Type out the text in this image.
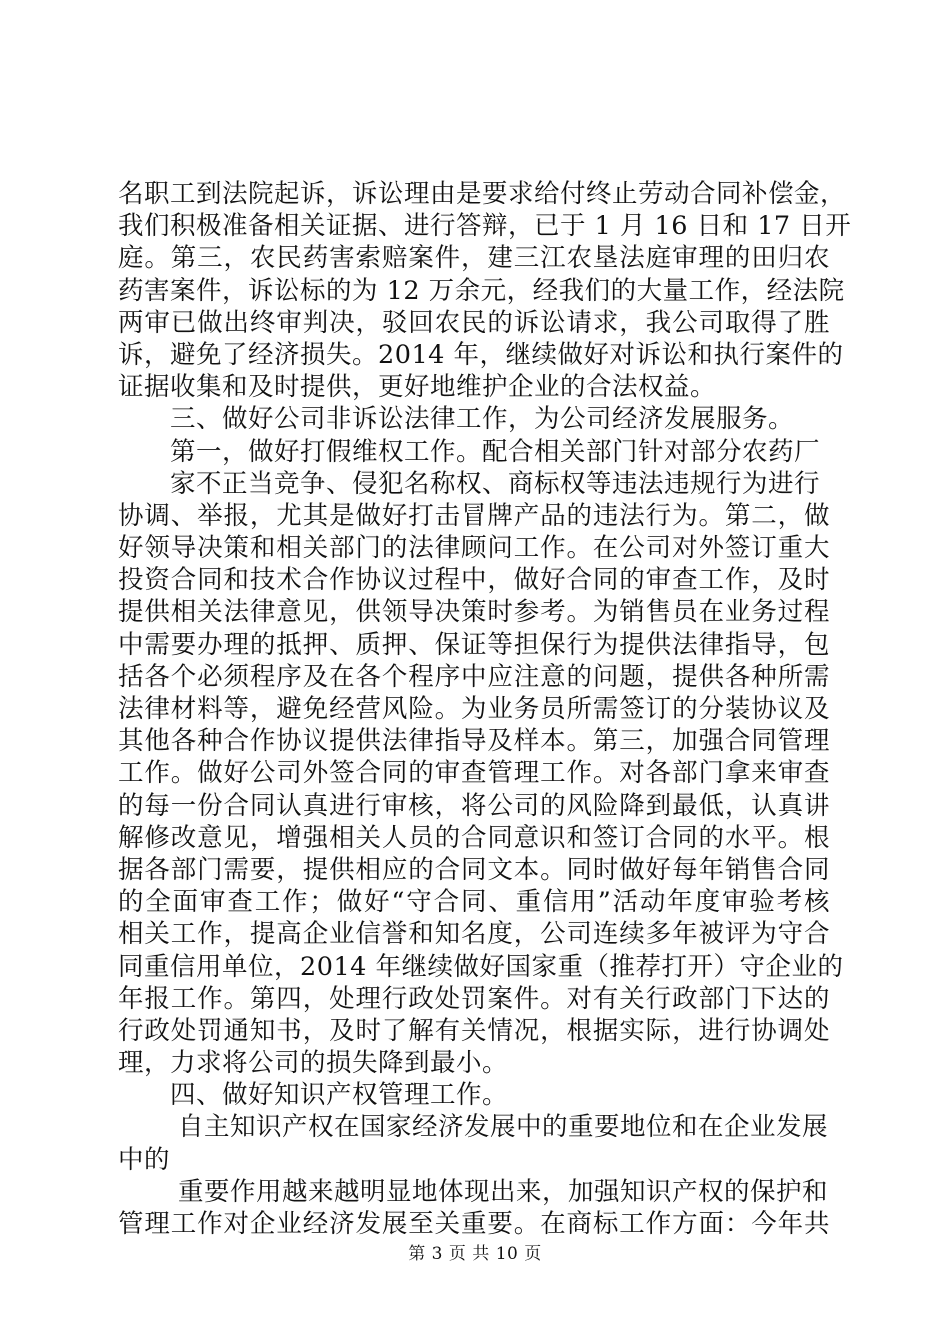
名职工到法院起诉，诉讼理由是要求给付终止劳动合同补偿金，
我们积极准备相关证据、进行答辩，已于 1 月 16 日和 17 日开
庭。第三，农民药害索赔案件，建三江农垦法庭审理的田归农
药害案件，诉讼标的为 12 万余元，经我们的大量工作，经法院
两审已做出终审判决，驳回农民的诉讼请求，我公司取得了胜
诉，避免了经济损失。2014 年，继续做好对诉讼和执行案件的
证据收集和及时提供，更好地维护企业的合法权益。
三、做好公司非诉讼法律工作，为公司经济发展服务。
第一，做好打假维权工作。配合相关部门针对部分农药厂
家不正当竞争、侵犯名称权、商标权等违法违规行为进行
协调、举报，尤其是做好打击冒牌产品的违法行为。第二，做
好领导决策和相关部门的法律顾问工作。在公司对外签订重大
投资合同和技术合作协议过程中，做好合同的审查工作，及时
提供相关法律意见，供领导决策时参考。为销售员在业务过程
中需要办理的抵押、质押、保证等担保行为提供法律指导，包
括各个必须程序及在各个程序中应注意的问题，提供各种所需
法律材料等，避免经营风险。为业务员所需签订的分装协议及
其他各种合作协议提供法律指导及样本。第三，加强合同管理
工作。做好公司外签合同的审查管理工作。对各部门拿来审查
的每一份合同认真进行审核，将公司的风险降到最低，认真讲
解修改意见，增强相关人员的合同意识和签订合同的水平。根
据各部门需要，提供相应的合同文本。同时做好每年销售合同
的全面审查工作；做好“守合同、重信用”活动年度审验考核
相关工作，提高企业信誉和知名度，公司连续多年被评为守合
同重信用单位，2014 年继续做好国家重（推荐打开）守企业的
年报工作。第四，处理行政处罚案件。对有关行政部门下达的
行政处罚通知书，及时了解有关情况，根据实际，进行协调处
理，力求将公司的损失降到最小。
四、做好知识产权管理工作。
自主知识产权在国家经济发展中的重要地位和在企业发展
中的
重要作用越来越明显地体现出来，加强知识产权的保护和
管理工作对企业经济发展至关重要。在商标工作方面：今年共
第 3 页 共 10 页
